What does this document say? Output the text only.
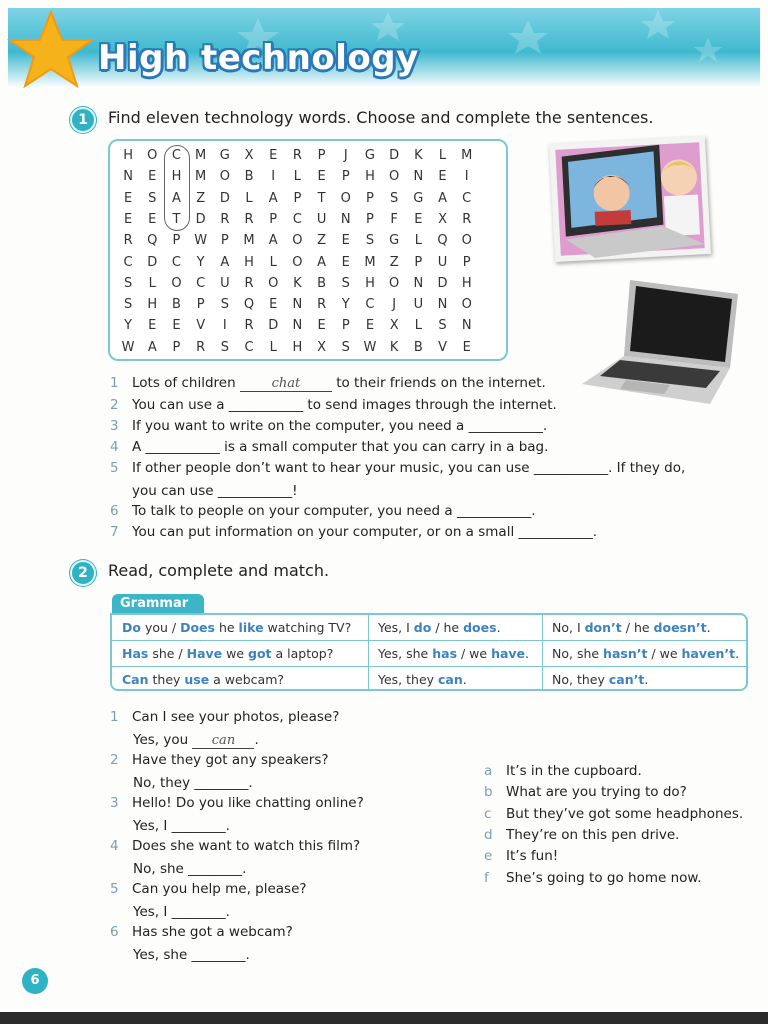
High technology
1	Find eleven technology words. Choose and complete the sentences.
H	O	C	M	G	X	E	R	P	J	G	D	K	L	M
N	E	H	M	O	B	I	L	E	P	H	O	N	E	I
E	S	A	Z	D	L	A	P	T	O	P	S	G	A	C
E	E	T	D	R	R	P	C	U	N	P	F	E	X	R
R	Q	P	W	P	M	A	O	Z	E	S	G	L	Q	O
C	D	C	Y	A	H	L	O	A	E	M	Z	P	U	P
S	L	O	C	U	R	O	K	B	S	H	O	N	D	H
S	H	B	P	S	Q	E	N	R	Y	C	J	U	N	O
Y	E	E	V	I	R	D	N	E	P	E	X	L	S	N
W	A	P	R	S	C	L	H	X	S	W	K	B	V	E
1 Lots of children chat to their friends on the internet.
2 You can use a ___________ to send images through the internet.
3 If you want to write on the computer, you need a ___________.
4 A ___________ is a small computer that you can carry in a bag.
5 If other people don’t want to hear your music, you can use ___________. If they do,
you can use ___________!
6 To talk to people on your computer, you need a ___________.
7 You can put information on your computer, or on a small ___________.
2	Read, complete and match.
Grammar
Do you / Does he like watching TV?	Yes, I do / he does.	No, I don’t / he doesn’t.
Has she / Have we got a laptop?	Yes, she has / we have.	No, she hasn’t / we haven’t.
Can they use a webcam?	Yes, they can.	No, they can’t.
1 Can I see your photos, please?
Yes, you can .
2 Have they got any speakers?
No, they ________.
3 Hello! Do you like chatting online?
Yes, I ________.
4 Does she want to watch this film?
No, she ________.
5 Can you help me, please?
Yes, I ________.
6 Has she got a webcam?
Yes, she ________.
a It’s in the cupboard.
b What are you trying to do?
c But they’ve got some headphones.
d They’re on this pen drive.
e It’s fun!
f She’s going to go home now.
6
